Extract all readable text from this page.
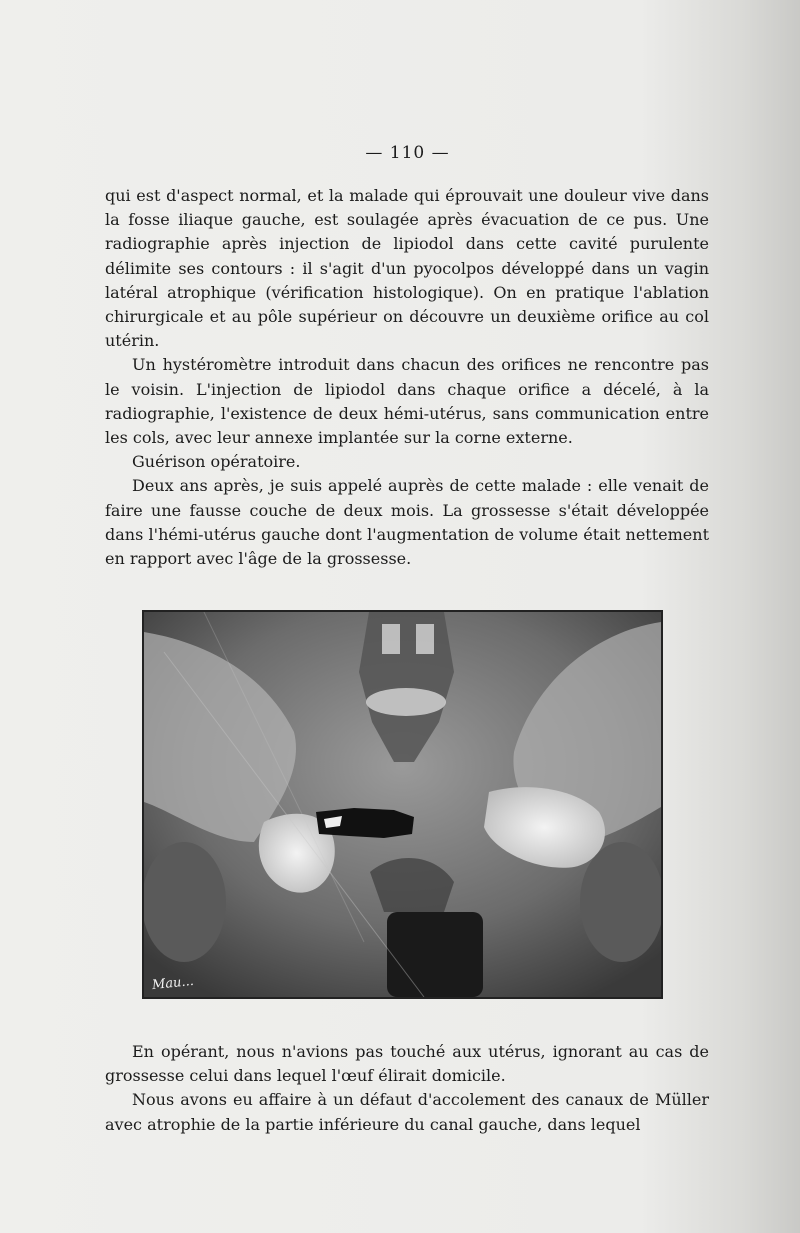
— 110 —

qui est d'aspect normal, et la malade qui éprouvait une douleur vive dans la fosse iliaque gauche, est soulagée après évacuation de ce pus. Une radiographie après injection de lipiodol dans cette cavité purulente délimite ses contours : il s'agit d'un pyocolpos développé dans un vagin latéral atrophique (vérification histologique). On en pratique l'ablation chirurgicale et au pôle supérieur on découvre un deuxième orifice au col utérin.

Un hystéromètre introduit dans chacun des orifices ne rencontre pas le voisin. L'injection de lipiodol dans chaque orifice a décelé, à la radiographie, l'existence de deux hémi-utérus, sans communication entre les cols, avec leur annexe implantée sur la corne externe.

Guérison opératoire.

Deux ans après, je suis appelé auprès de cette malade : elle venait de faire une fausse couche de deux mois. La grossesse s'était développée dans l'hémi-utérus gauche dont l'augmentation de volume était nettement en rapport avec l'âge de la grossesse.

Mau...

En opérant, nous n'avions pas touché aux utérus, ignorant au cas de grossesse celui dans lequel l'œuf élirait domicile.

Nous avons eu affaire à un défaut d'accolement des canaux de Müller avec atrophie de la partie inférieure du canal gauche, dans lequel
